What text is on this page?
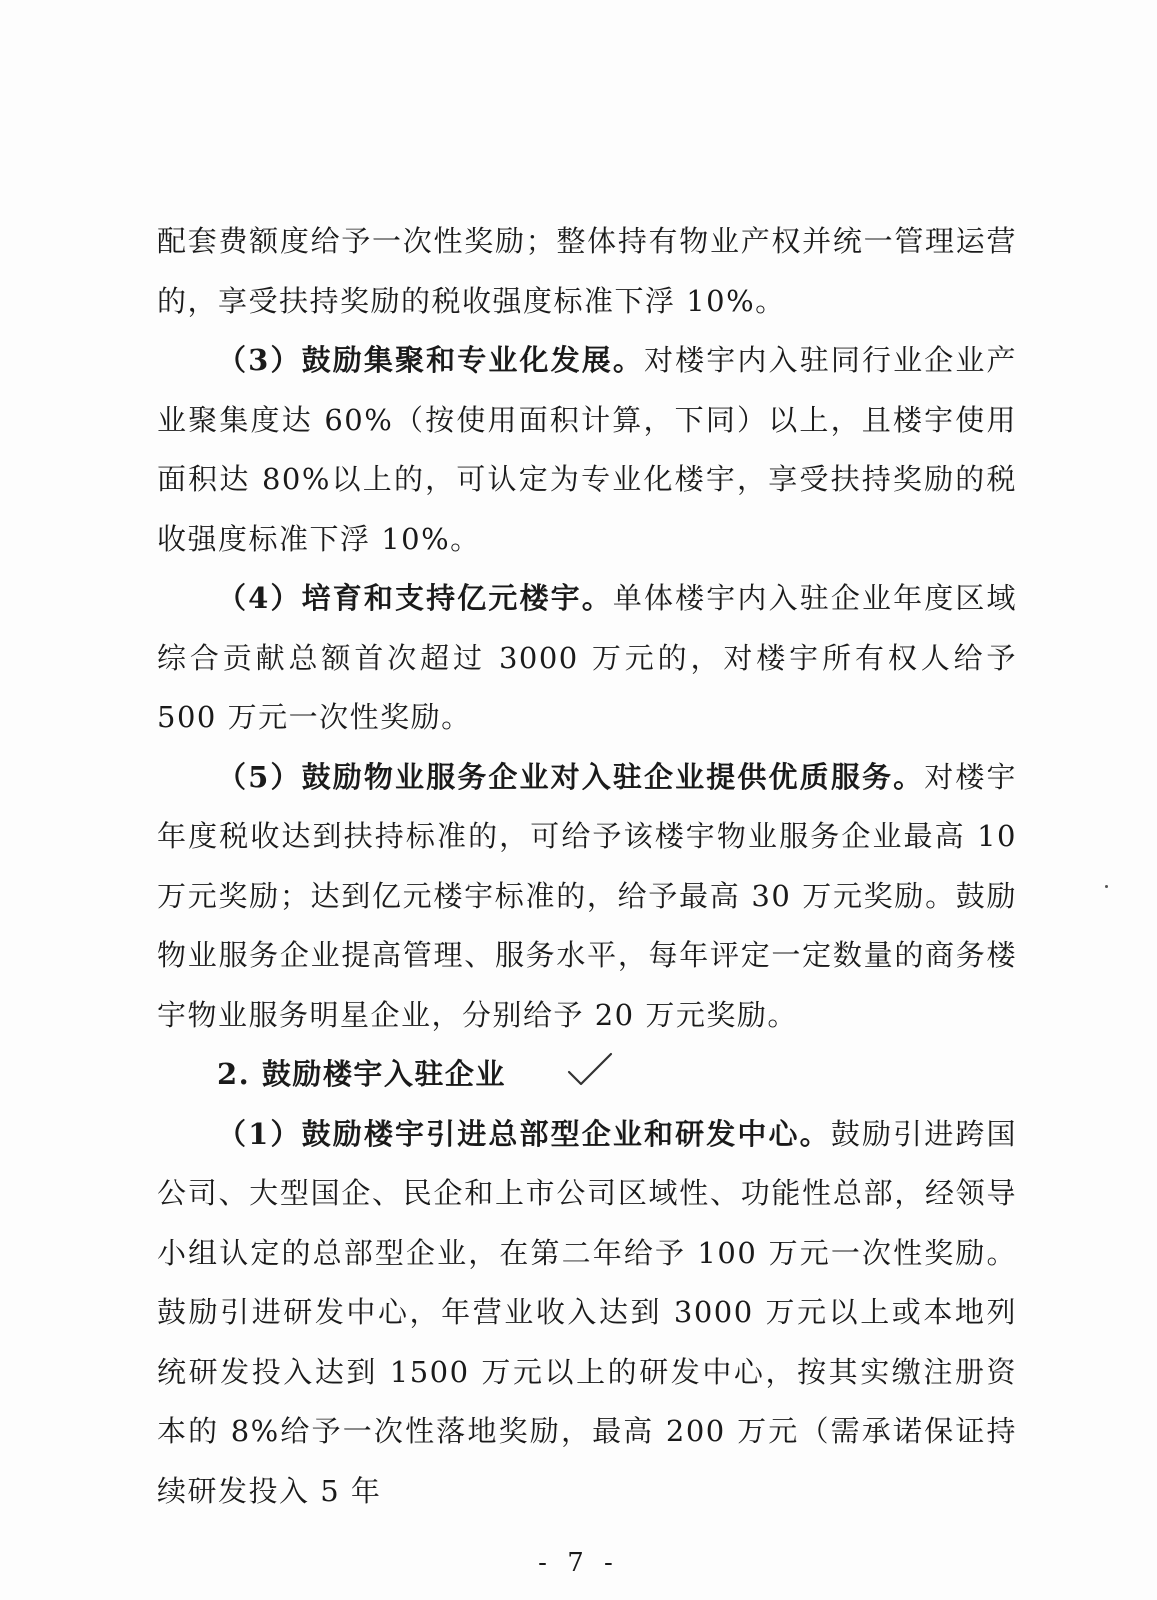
配套费额度给予一次性奖励；整体持有物业产权并统一管理运营的，享受扶持奖励的税收强度标准下浮 10%。

（3）鼓励集聚和专业化发展。对楼宇内入驻同行业企业产业聚集度达 60%（按使用面积计算，下同）以上，且楼宇使用面积达 80%以上的，可认定为专业化楼宇，享受扶持奖励的税收强度标准下浮 10%。

（4）培育和支持亿元楼宇。单体楼宇内入驻企业年度区域综合贡献总额首次超过 3000 万元的，对楼宇所有权人给予 500 万元一次性奖励。

（5）鼓励物业服务企业对入驻企业提供优质服务。对楼宇年度税收达到扶持标准的，可给予该楼宇物业服务企业最高 10 万元奖励；达到亿元楼宇标准的，给予最高 30 万元奖励。鼓励物业服务企业提高管理、服务水平，每年评定一定数量的商务楼宇物业服务明星企业，分别给予 20 万元奖励。

2. 鼓励楼宇入驻企业

（1）鼓励楼宇引进总部型企业和研发中心。鼓励引进跨国公司、大型国企、民企和上市公司区域性、功能性总部，经领导小组认定的总部型企业，在第二年给予 100 万元一次性奖励。鼓励引进研发中心，年营业收入达到 3000 万元以上或本地列统研发投入达到 1500 万元以上的研发中心，按其实缴注册资本的 8%给予一次性落地奖励，最高 200 万元（需承诺保证持续研发投入 5 年

- 7 -
